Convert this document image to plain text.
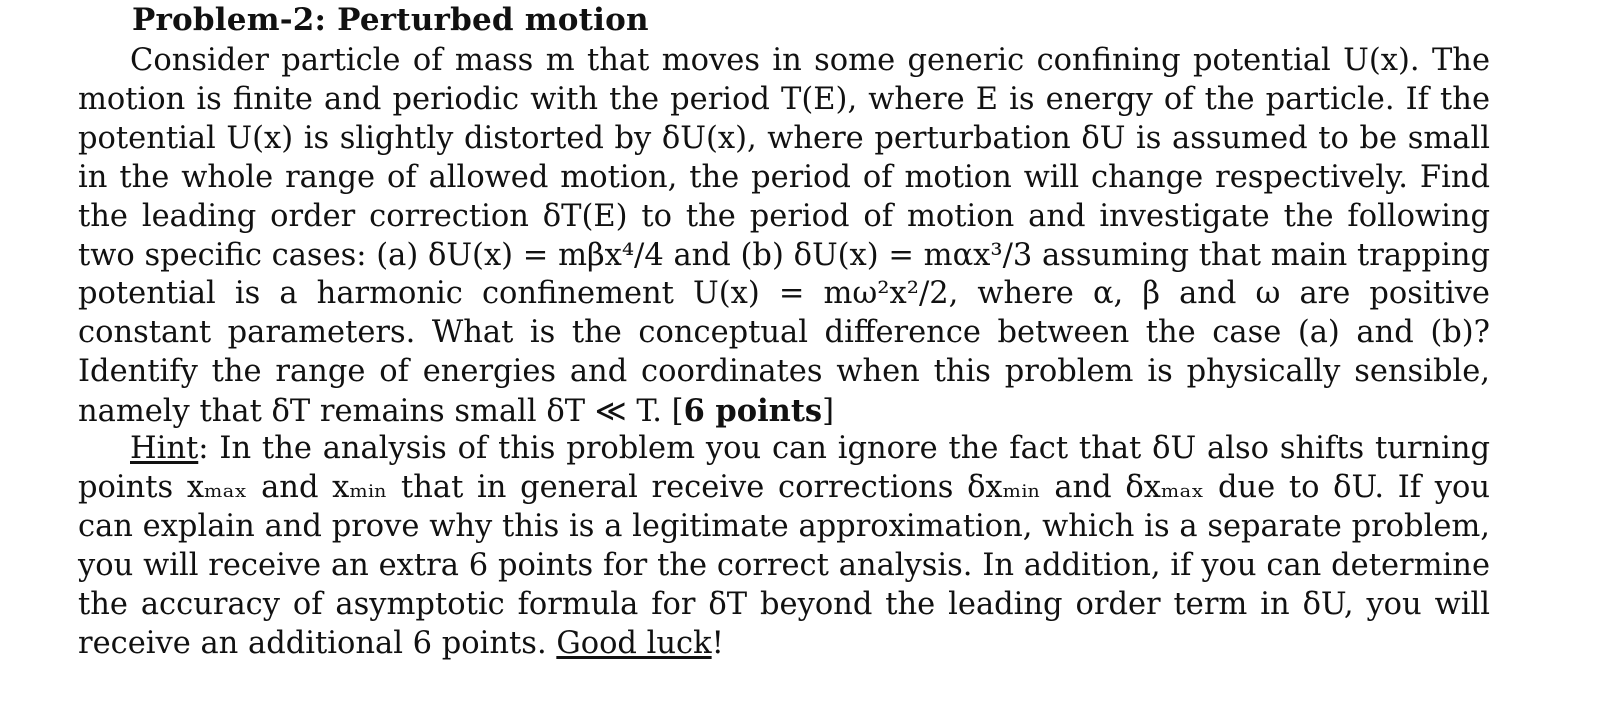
Problem-2: Perturbed motion
Consider particle of mass m that moves in some generic confining potential U(x). The motion is finite and periodic with the period T(E), where E is energy of the particle. If the potential U(x) is slightly distorted by δU(x), where perturbation δU is assumed to be small in the whole range of allowed motion, the period of motion will change respectively. Find the leading order correction δT(E) to the period of motion and investigate the following two specific cases: (a) δU(x) = mβx⁴/4 and (b) δU(x) = mαx³/3 assuming that main trapping potential is a harmonic confinement U(x) = mω²x²/2, where α, β and ω are positive constant parameters. What is the conceptual difference between the case (a) and (b)? Identify the range of energies and coordinates when this problem is physically sensible, namely that δT remains small δT ≪ T. [6 points]
Hint: In the analysis of this problem you can ignore the fact that δU also shifts turning points xₘₐₓ and xₘᵢₙ that in general receive corrections δxₘᵢₙ and δxₘₐₓ due to δU. If you can explain and prove why this is a legitimate approximation, which is a separate problem, you will receive an extra 6 points for the correct analysis. In addition, if you can determine the accuracy of asymptotic formula for δT beyond the leading order term in δU, you will receive an additional 6 points. Good luck!
